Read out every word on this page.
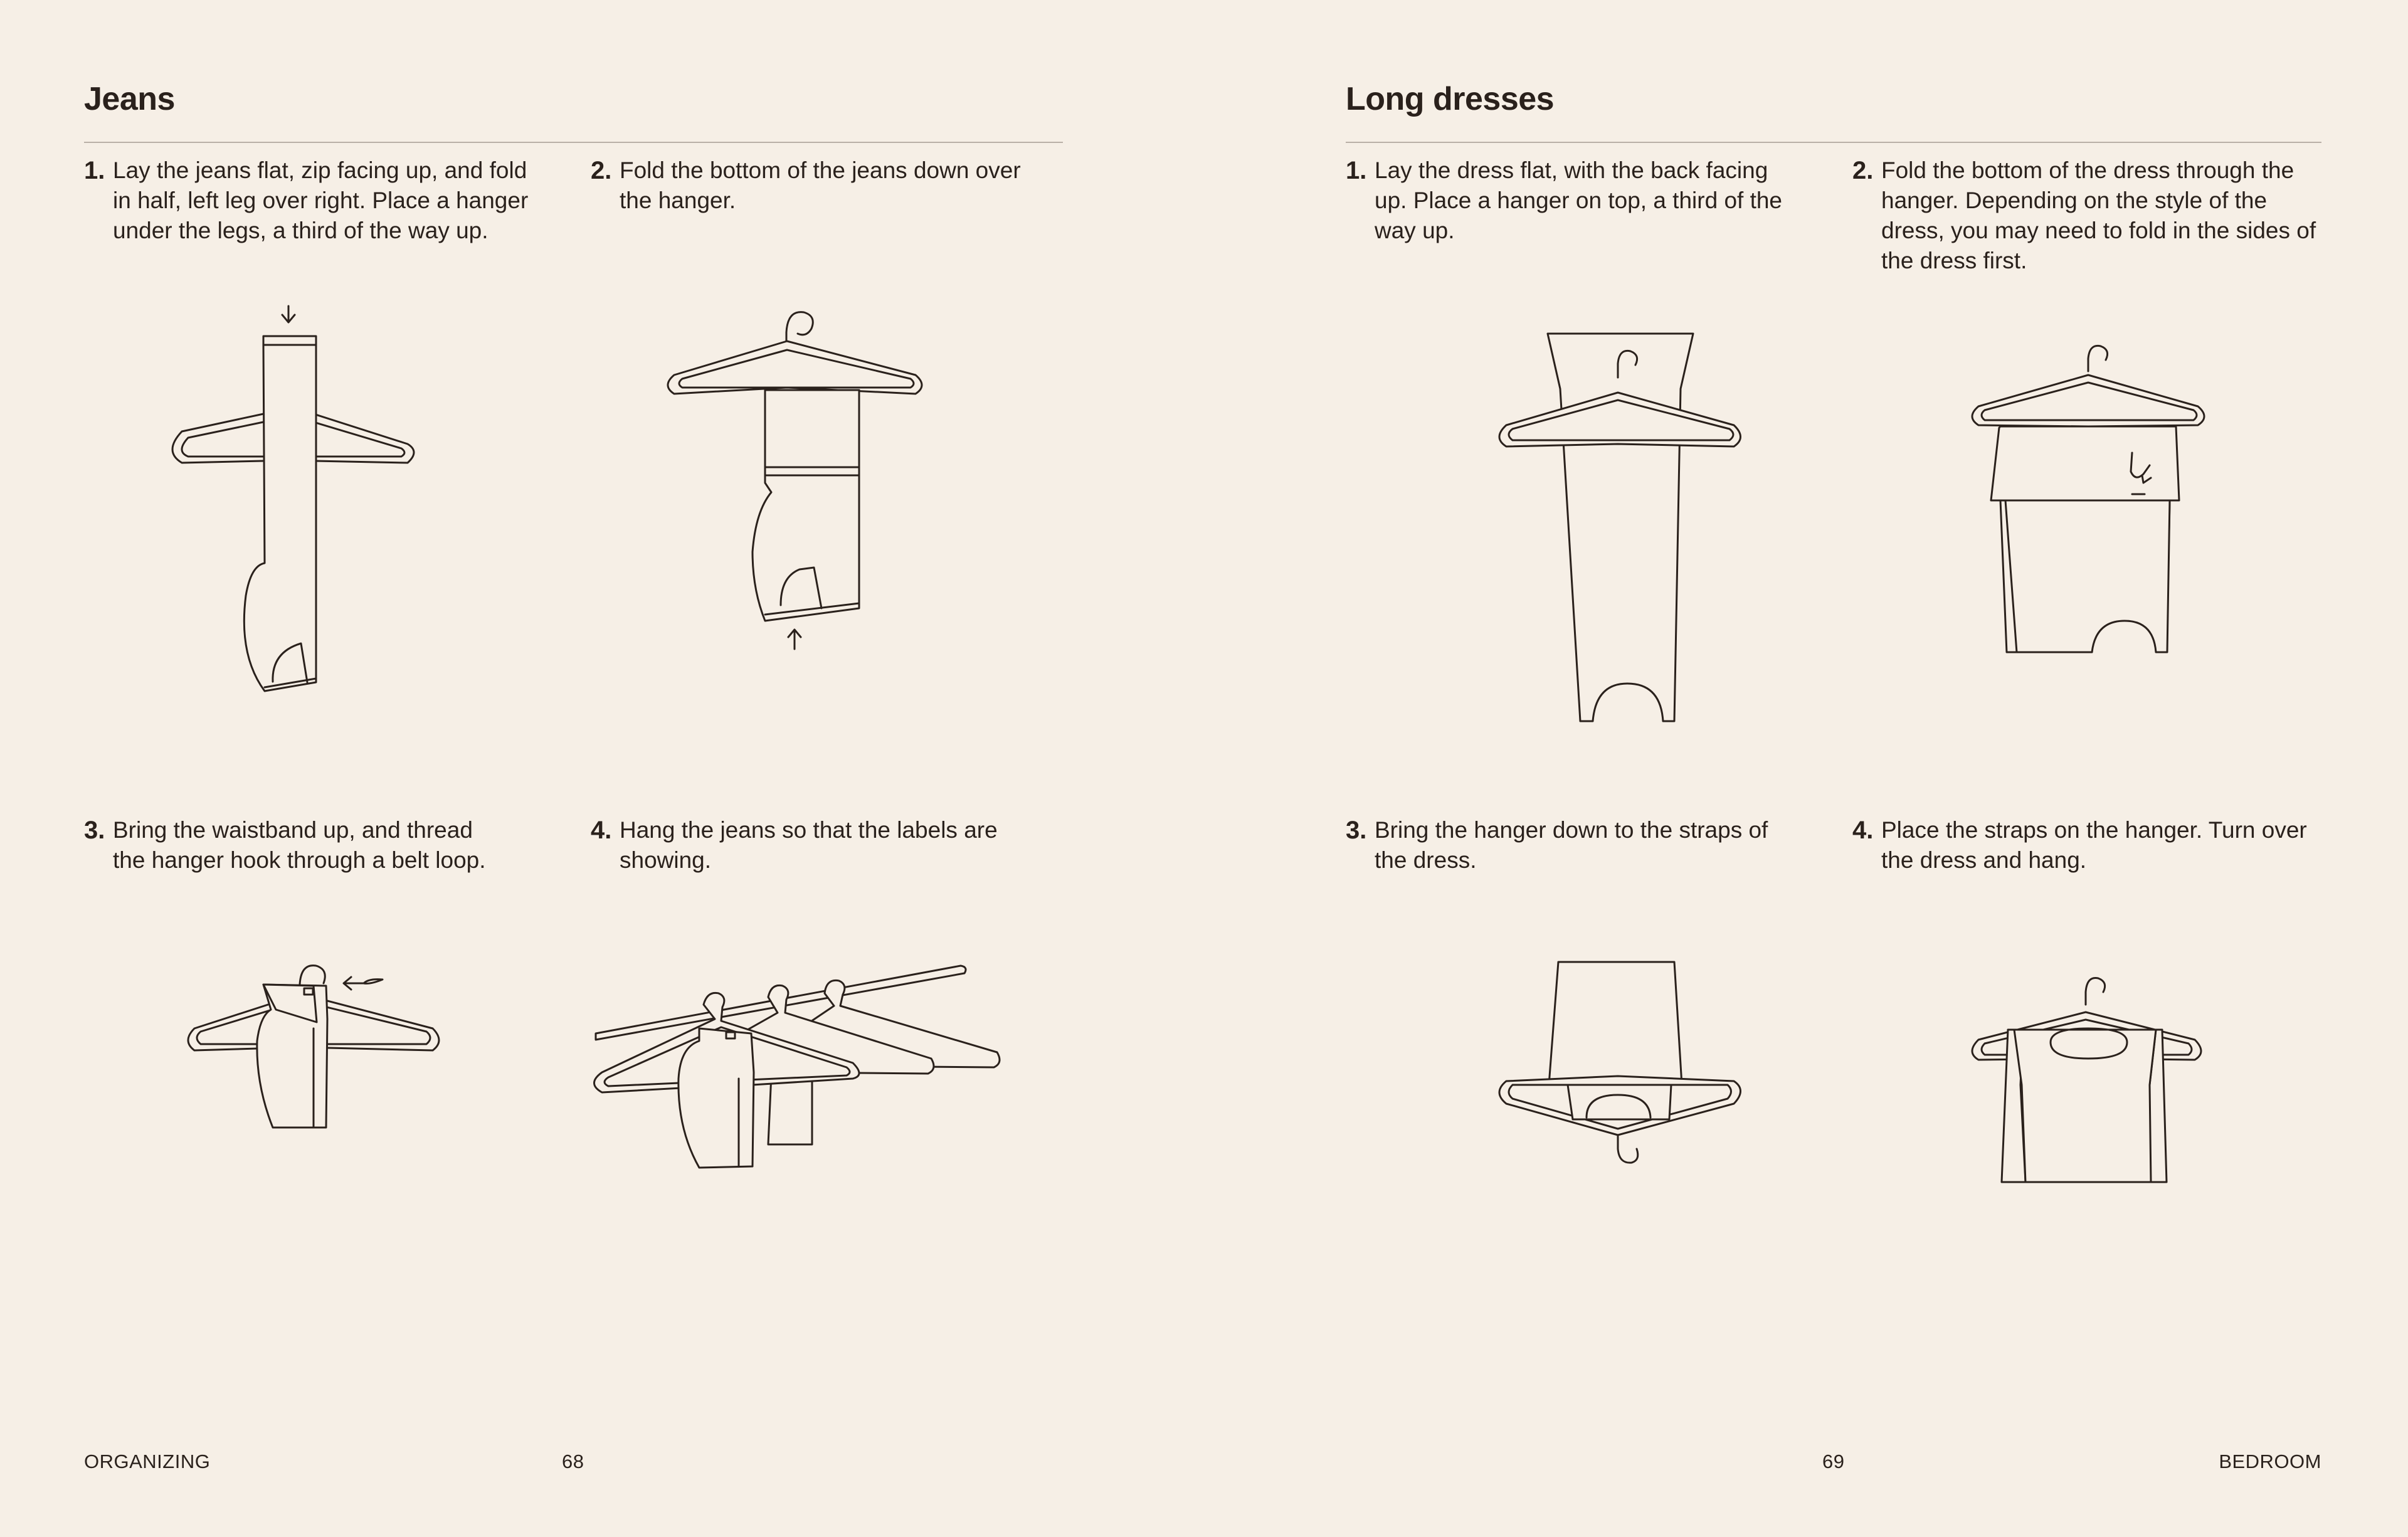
Jeans
1. Lay the jeans flat, zip facing up, and fold in half, left leg over right. Place a hanger under the legs, a third of the way up.
2. Fold the bottom of the jeans down over the hanger.
3. Bring the waistband up, and thread the hanger hook through a belt loop.
4. Hang the jeans so that the labels are showing.
ORGANIZING	68
Long dresses
1. Lay the dress flat, with the back facing up. Place a hanger on top, a third of the way up.
2. Fold the bottom of the dress through the hanger. Depending on the style of the dress, you may need to fold in the sides of the dress first.
3. Bring the hanger down to the straps of the dress.
4. Place the straps on the hanger. Turn over the dress and hang.
69	BEDROOM
